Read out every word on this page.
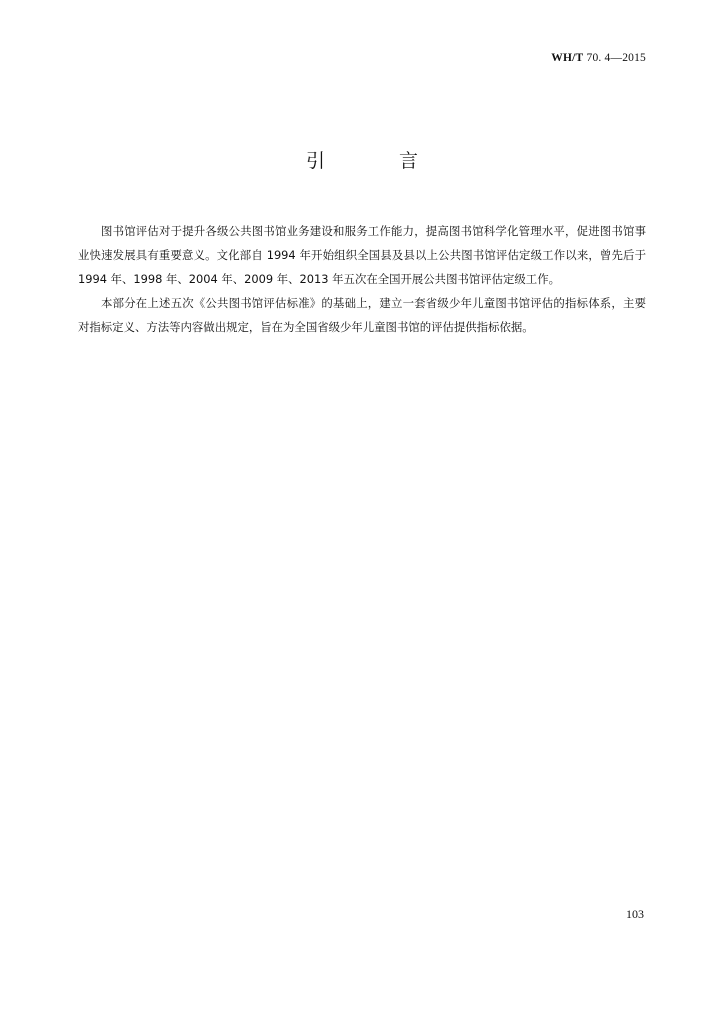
WH/T 70. 4—2015
引 言

图书馆评估对于提升各级公共图书馆业务建设和服务工作能力，提高图书馆科学化管理水平，促进图书馆事业快速发展具有重要意义。文化部自 1994 年开始组织全国县及县以上公共图书馆评估定级工作以来，曾先后于 1994 年、1998 年、2004 年、2009 年、2013 年五次在全国开展公共图书馆评估定级工作。

本部分在上述五次《公共图书馆评估标准》的基础上，建立一套省级少年儿童图书馆评估的指标体系，主要对指标定义、方法等内容做出规定，旨在为全国省级少年儿童图书馆的评估提供指标依据。

103
